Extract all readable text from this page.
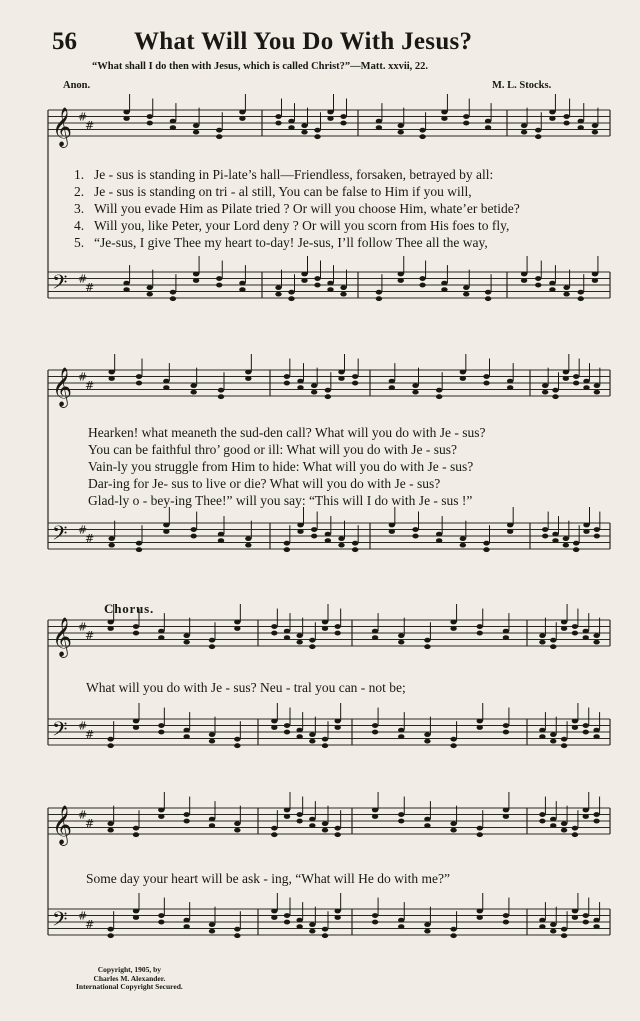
56 What Will You Do With Jesus?
“What shall I do then with Jesus, which is called Christ?”—Matt. xxvii, 22.
Anon.	M. L. Stocks.
𝄞 #
#
𝄢 #
#
𝄞 #
#
𝄢 #
#
𝄞 #
#
𝄢 #
#
𝄞 #
#
𝄢 #
#
1. Je - sus is standing in Pi-late’s hall—Friendless, forsaken, betrayed by all:
2. Je - sus is standing on tri - al still, You can be false to Him if you will,
3. Will you evade Him as Pilate tried ? Or will you choose Him, whate’er betide?
4. Will you, like Peter, your Lord deny ? Or will you scorn from His foes to fly,
5. “Je-sus, I give Thee my heart to-day! Je-sus, I’ll follow Thee all the way,
Hearken! what meaneth the sud-den call? What will you do with Je - sus?
You can be faithful thro’ good or ill: What will you do with Je - sus?
Vain-ly you struggle from Him to hide: What will you do with Je - sus?
Dar-ing for Je- sus to live or die? What will you do with Je - sus?
Glad-ly o - bey-ing Thee!” will you say: “This will I do with Je - sus !”
Chorus.
What will you do with Je - sus? Neu - tral you can - not be;
Some day your heart will be ask - ing, “What will He do with me?”
Copyright, 1905, by
Charles M. Alexander.
International Copyright Secured.
